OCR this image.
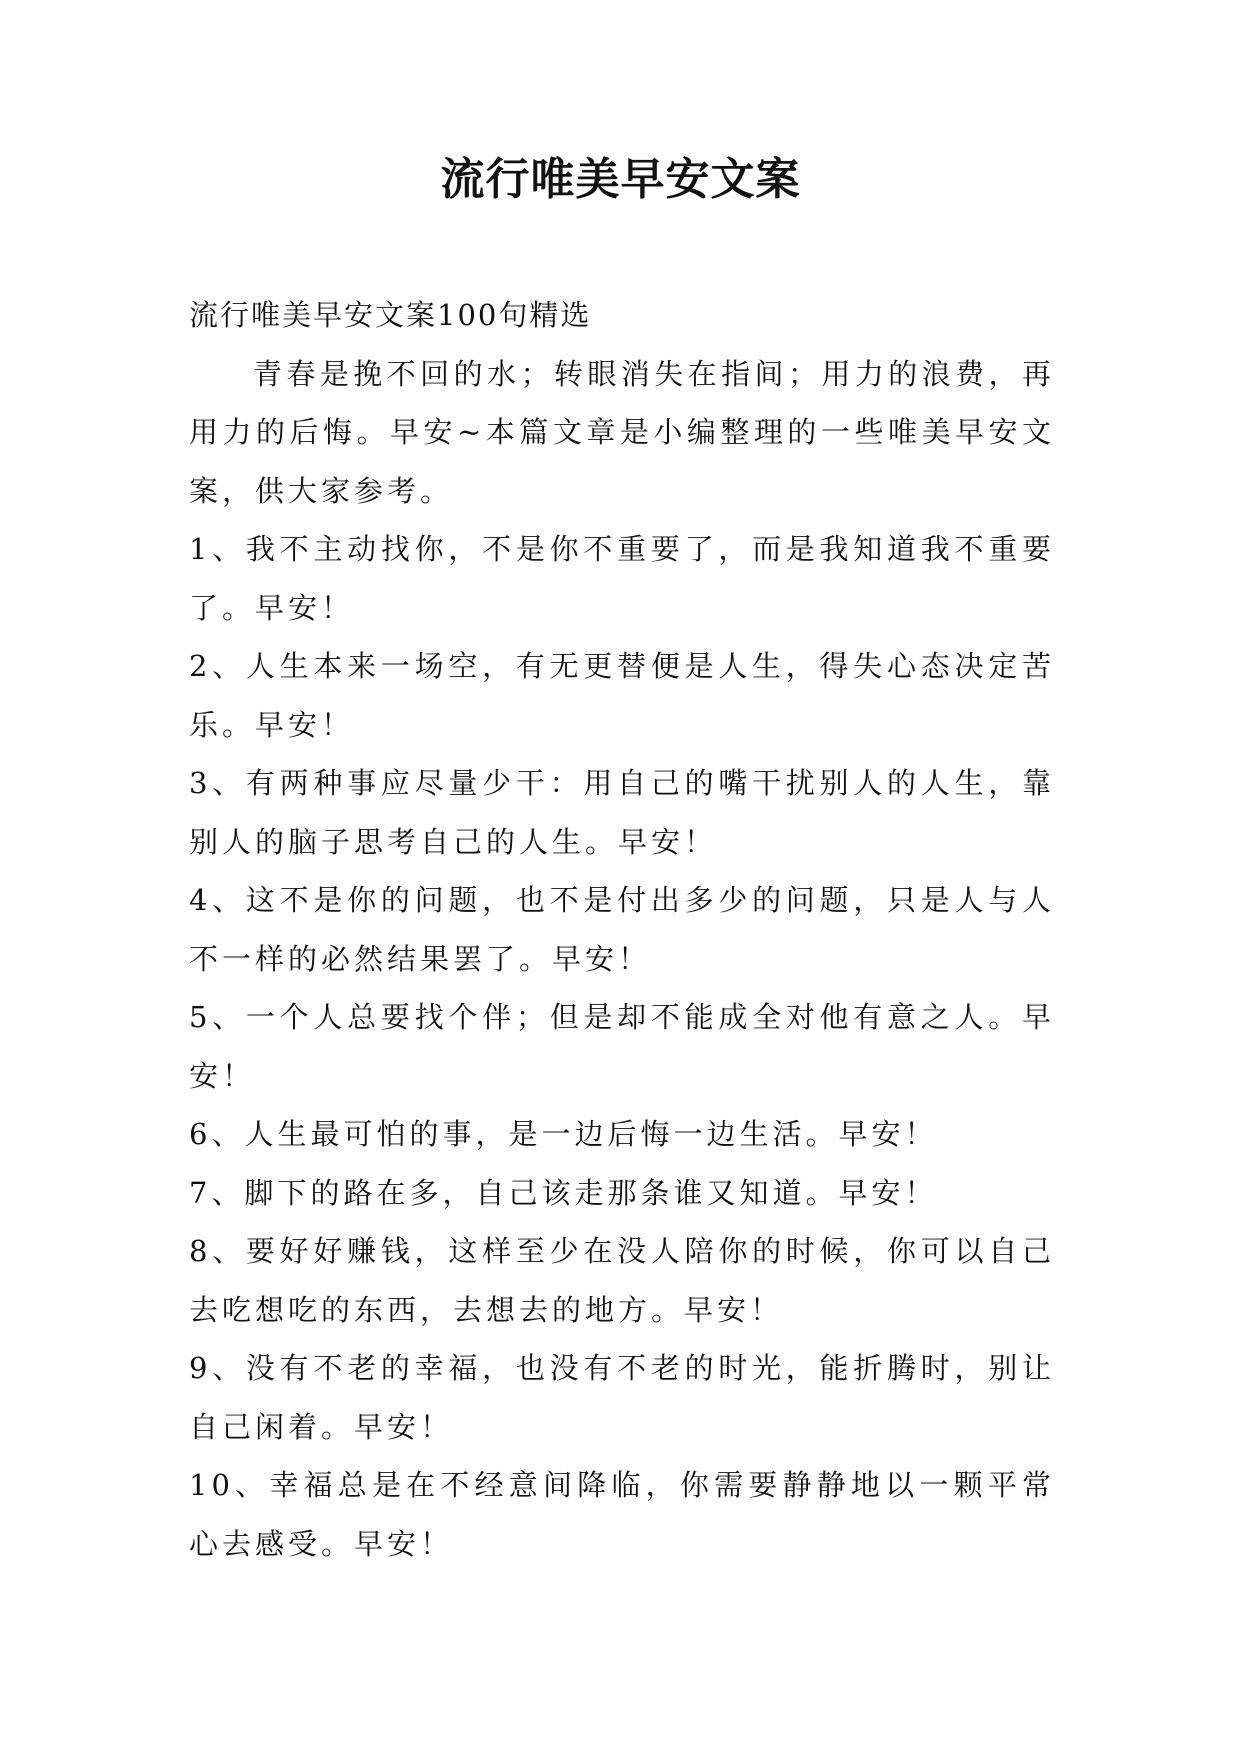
流行唯美早安文案

流行唯美早安文案100句精选

青春是挽不回的水；转眼消失在指间；用力的浪费，再用力的后悔。早安~本篇文章是小编整理的一些唯美早安文案，供大家参考。

1、我不主动找你，不是你不重要了，而是我知道我不重要了。早安！

2、人生本来一场空，有无更替便是人生，得失心态决定苦乐。早安！

3、有两种事应尽量少干：用自己的嘴干扰别人的人生，靠别人的脑子思考自己的人生。早安！

4、这不是你的问题，也不是付出多少的问题，只是人与人不一样的必然结果罢了。早安！

5、一个人总要找个伴；但是却不能成全对他有意之人。早安！

6、人生最可怕的事，是一边后悔一边生活。早安！

7、脚下的路在多，自己该走那条谁又知道。早安！

8、要好好赚钱，这样至少在没人陪你的时候，你可以自己去吃想吃的东西，去想去的地方。早安！

9、没有不老的幸福，也没有不老的时光，能折腾时，别让自己闲着。早安！

10、幸福总是在不经意间降临，你需要静静地以一颗平常心去感受。早安！
